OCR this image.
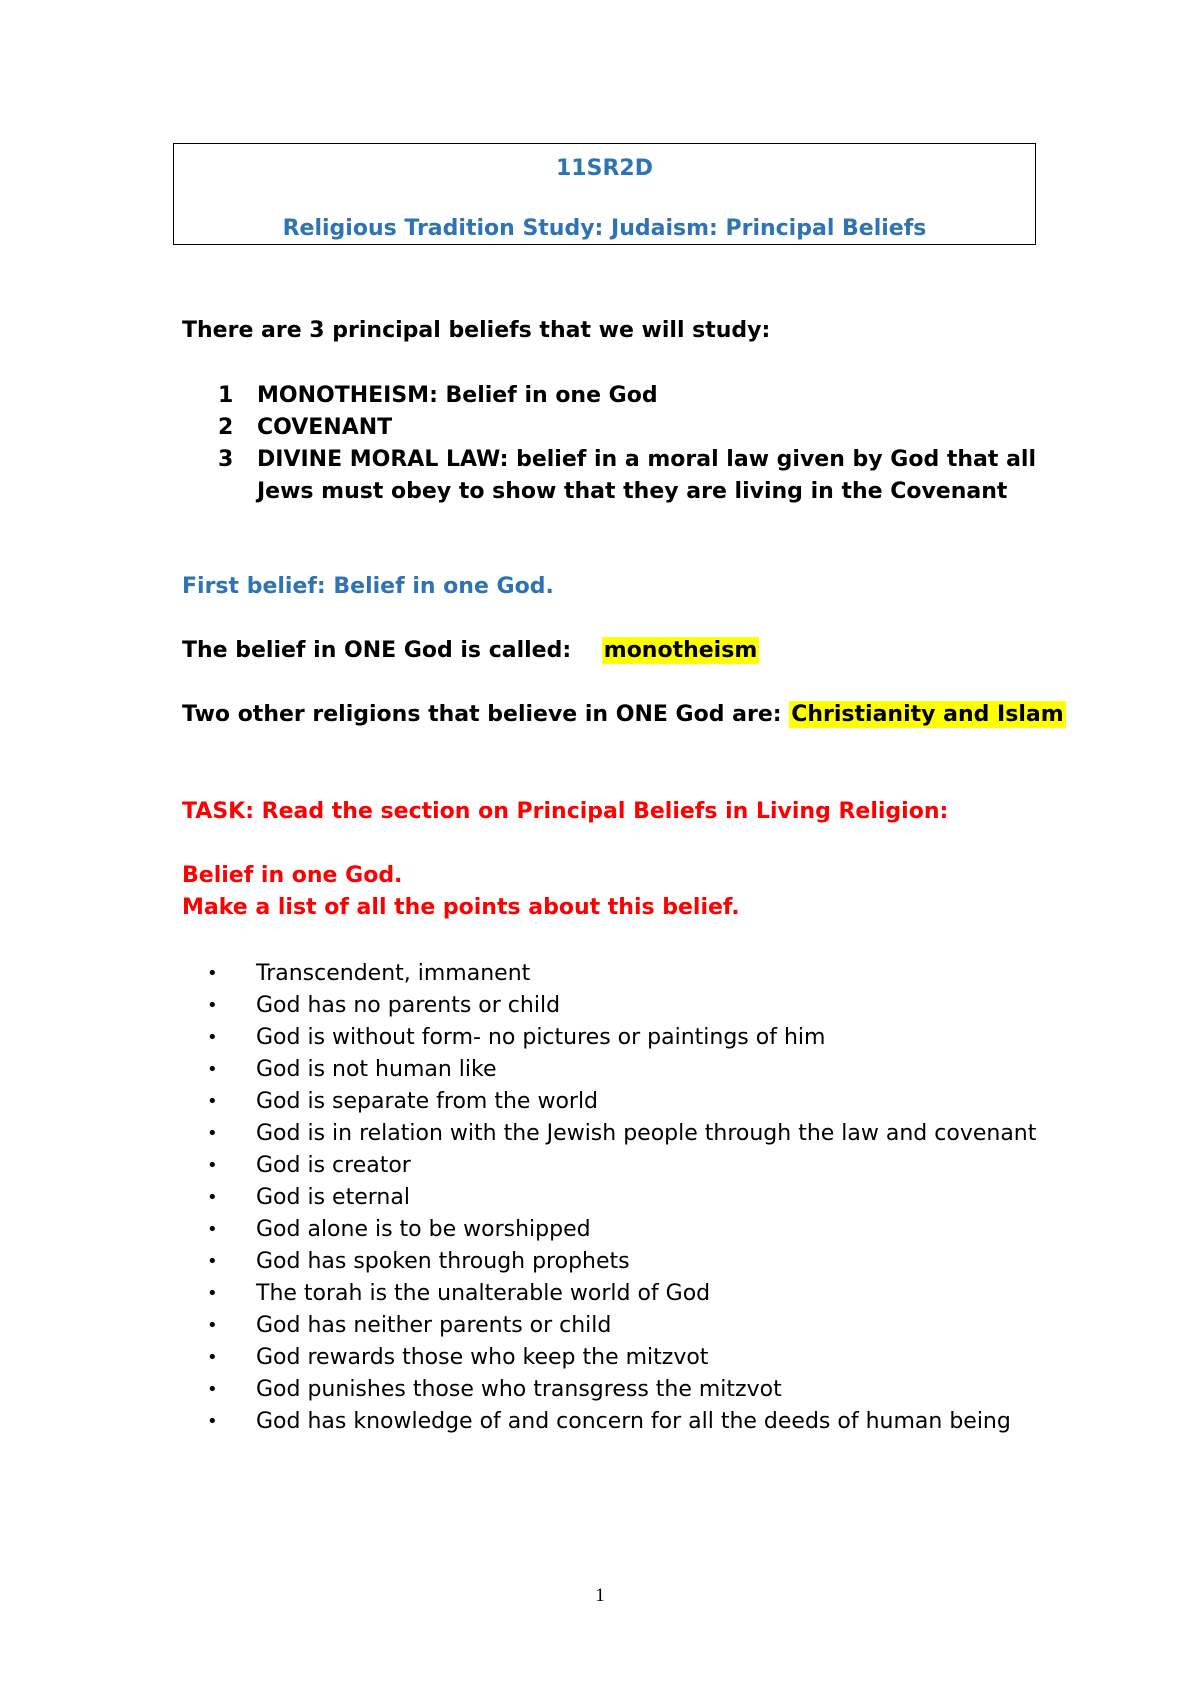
11SR2D
Religious Tradition Study: Judaism: Principal Beliefs
There are 3 principal beliefs that we will study:
1	MONOTHEISM: Belief in one God
2	COVENANT
3	DIVINE MORAL LAW: belief in a moral law given by God that all Jews must obey to show that they are living in the Covenant
First belief: Belief in one God.
The belief in ONE God is called: monotheism
Two other religions that believe in ONE God are: Christianity and Islam
TASK: Read the section on Principal Beliefs in Living Religion:
Belief in one God.
Make a list of all the points about this belief.
•	Transcendent, immanent
•	God has no parents or child
•	God is without form- no pictures or paintings of him
•	God is not human like
•	God is separate from the world
•	God is in relation with the Jewish people through the law and covenant
•	God is creator
•	God is eternal
•	God alone is to be worshipped
•	God has spoken through prophets
•	The torah is the unalterable world of God
•	God has neither parents or child
•	God rewards those who keep the mitzvot
•	God punishes those who transgress the mitzvot
•	God has knowledge of and concern for all the deeds of human being
1
